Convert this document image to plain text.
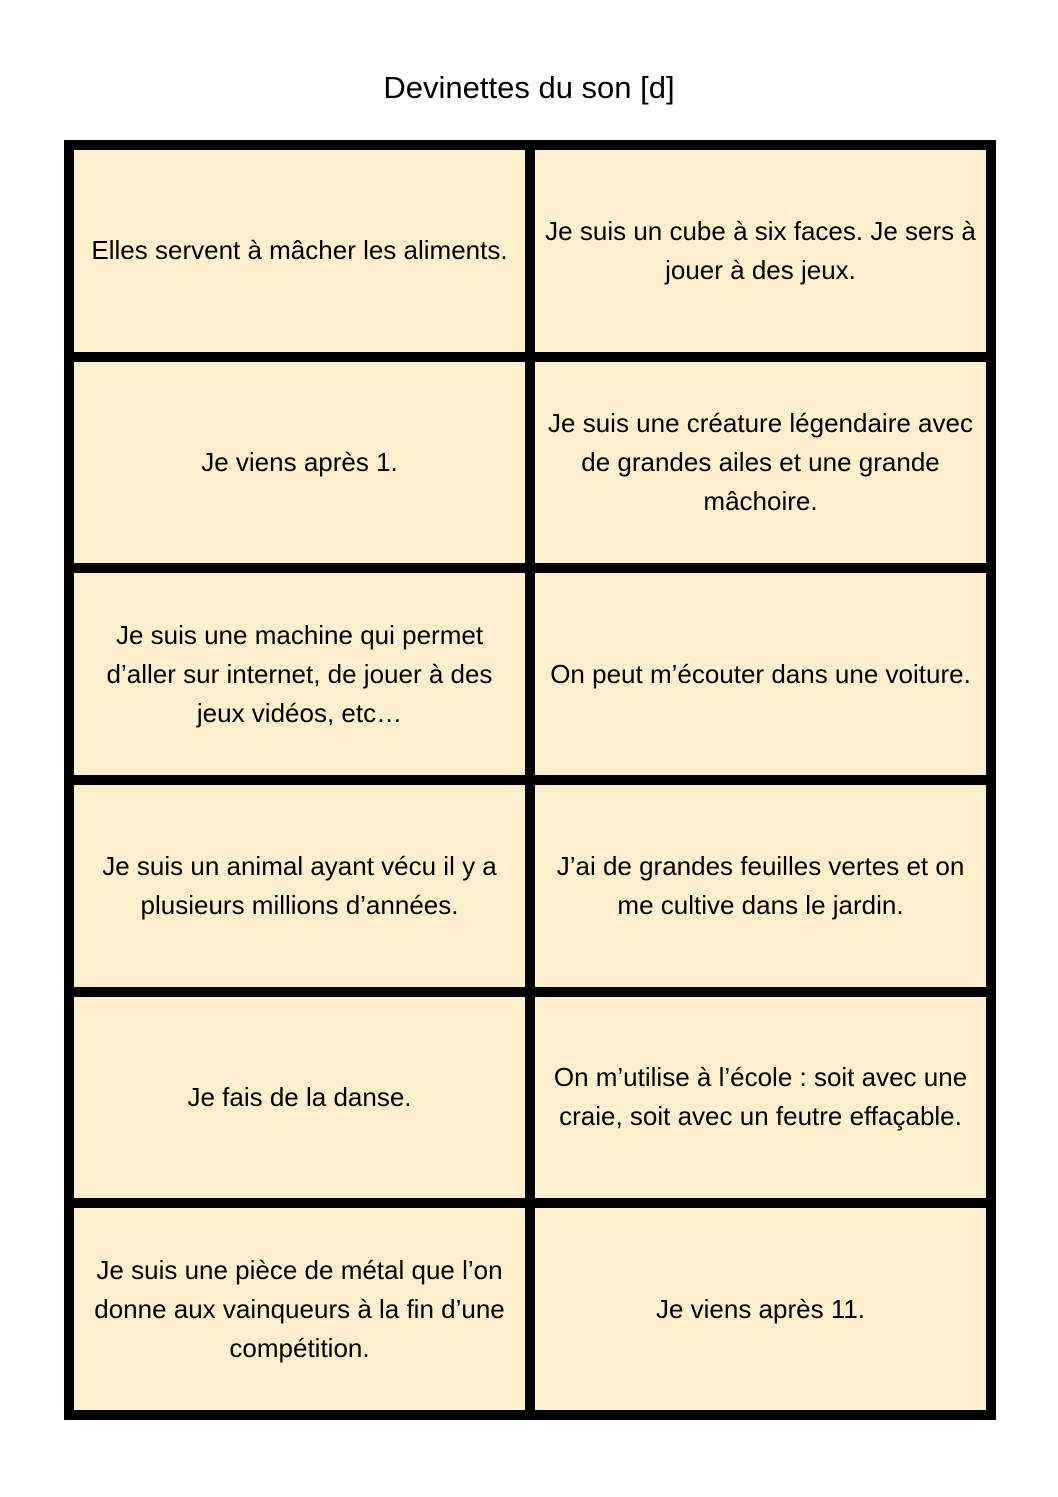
Devinettes du son [d]
Elles servent à mâcher les aliments.
Je suis un cube à six faces. Je sers à jouer à des jeux.
Je viens après 1.
Je suis une créature légendaire avec de grandes ailes et une grande mâchoire.
Je suis une machine qui permet d’aller sur internet, de jouer à des jeux vidéos, etc…
On peut m’écouter dans une voiture.
Je suis un animal ayant vécu il y a plusieurs millions d’années.
J’ai de grandes feuilles vertes et on me cultive dans le jardin.
Je fais de la danse.
On m’utilise à l’école : soit avec une craie, soit avec un feutre effaçable.
Je suis une pièce de métal que l’on donne aux vainqueurs à la fin d’une compétition.
Je viens après 11.
